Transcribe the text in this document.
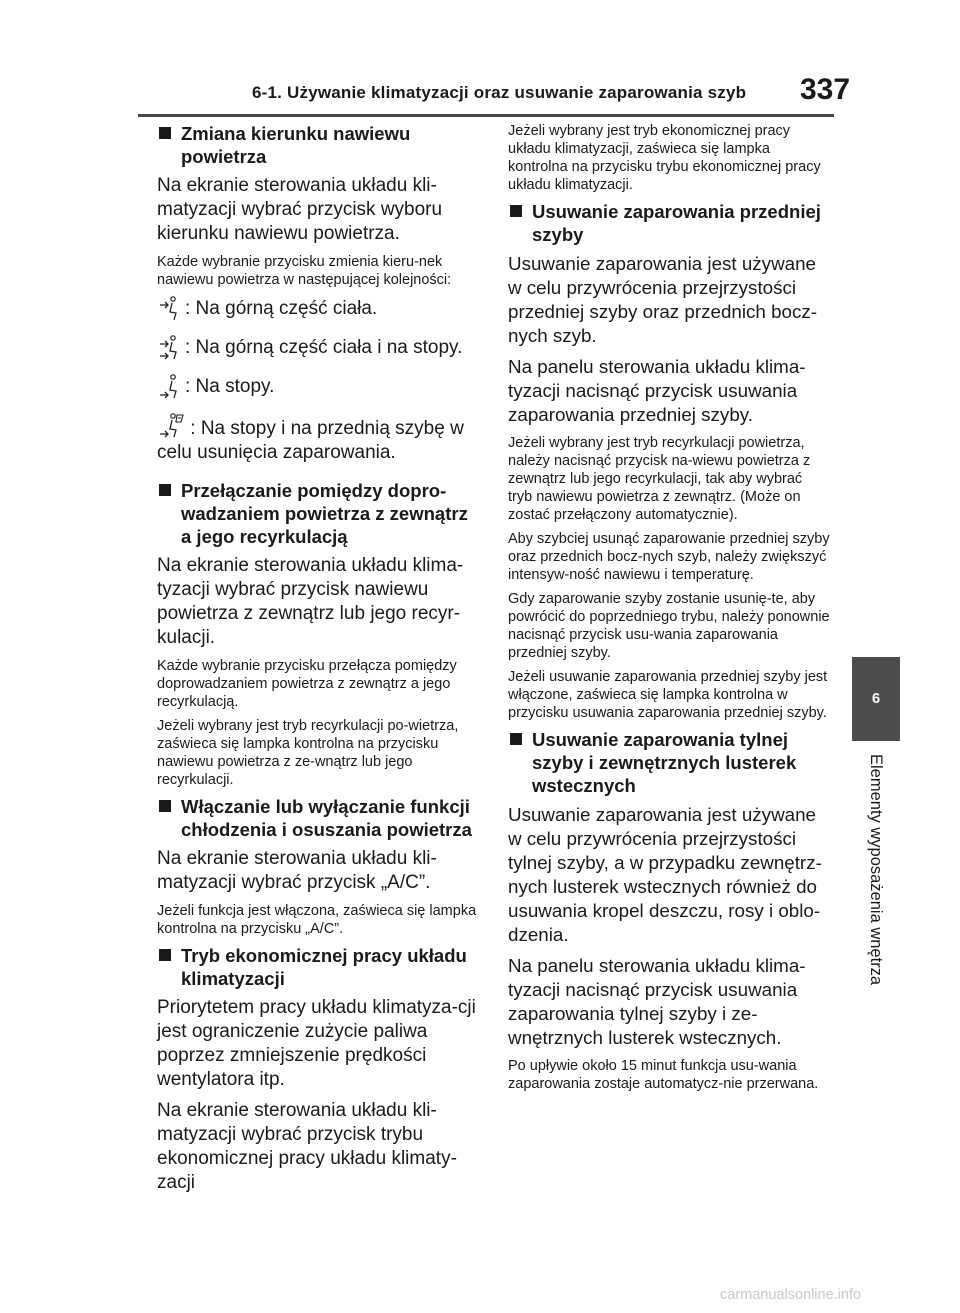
6-1. Używanie klimatyzacji oraz usuwanie zaparowania szyb	337
Zmiana kierunku nawiewu powietrza

Na ekranie sterowania układu kli-matyzacji wybrać przycisk wyboru kierunku nawiewu powietrza.

Każde wybranie przycisku zmienia kieru-nek nawiewu powietrza w następującej kolejności:

: Na górną część ciała.
: Na górną część ciała i na stopy.
: Na stopy.
: Na stopy i na przednią szybę w celu usunięcia zaparowania.
Przełączanie pomiędzy dopro-wadzaniem powietrza z zewnątrz a jego recyrkulacją

Na ekranie sterowania układu klima-tyzacji wybrać przycisk nawiewu powietrza z zewnątrz lub jego recyr-kulacji.

Każde wybranie przycisku przełącza pomiędzy doprowadzaniem powietrza z zewnątrz a jego recyrkulacją.

Jeżeli wybrany jest tryb recyrkulacji po-wietrza, zaświeca się lampka kontrolna na przycisku nawiewu powietrza z ze-wnątrz lub jego recyrkulacji.

Włączanie lub wyłączanie funkcji chłodzenia i osuszania powietrza

Na ekranie sterowania układu kli-matyzacji wybrać przycisk „A/C”.

Jeżeli funkcja jest włączona, zaświeca się lampka kontrolna na przycisku „A/C”.

Tryb ekonomicznej pracy układu klimatyzacji

Priorytetem pracy układu klimatyza-cji jest ograniczenie zużycie paliwa poprzez zmniejszenie prędkości wentylatora itp.

Na ekranie sterowania układu kli-matyzacji wybrać przycisk trybu ekonomicznej pracy układu klimaty-zacji

Jeżeli wybrany jest tryb ekonomicznej pracy układu klimatyzacji, zaświeca się lampka kontrolna na przycisku trybu ekonomicznej pracy układu klimatyzacji.

Usuwanie zaparowania przedniej szyby

Usuwanie zaparowania jest używane w celu przywrócenia przejrzystości przedniej szyby oraz przednich bocz-nych szyb.

Na panelu sterowania układu klima-tyzacji nacisnąć przycisk usuwania zaparowania przedniej szyby.

Jeżeli wybrany jest tryb recyrkulacji powietrza, należy nacisnąć przycisk na-wiewu powietrza z zewnątrz lub jego recyrkulacji, tak aby wybrać tryb nawiewu powietrza z zewnątrz. (Może on zostać przełączony automatycznie).

Aby szybciej usunąć zaparowanie przedniej szyby oraz przednich bocz-nych szyb, należy zwiększyć intensyw-ność nawiewu i temperaturę.

Gdy zaparowanie szyby zostanie usunię-te, aby powrócić do poprzedniego trybu, należy ponownie nacisnąć przycisk usu-wania zaparowania przedniej szyby.

Jeżeli usuwanie zaparowania przedniej szyby jest włączone, zaświeca się lampka kontrolna w przycisku usuwania zaparowania przedniej szyby.

Usuwanie zaparowania tylnej szyby i zewnętrznych lusterek wstecznych

Usuwanie zaparowania jest używane w celu przywrócenia przejrzystości tylnej szyby, a w przypadku zewnętrz-nych lusterek wstecznych również do usuwania kropel deszczu, rosy i oblo-dzenia.

Na panelu sterowania układu klima-tyzacji nacisnąć przycisk usuwania zaparowania tylnej szyby i ze-wnętrznych lusterek wstecznych.

Po upływie około 15 minut funkcja usu-wania zaparowania zostaje automatycz-nie przerwana.

6
Elementy wyposażenia wnętrza
carmanualsonline.info
